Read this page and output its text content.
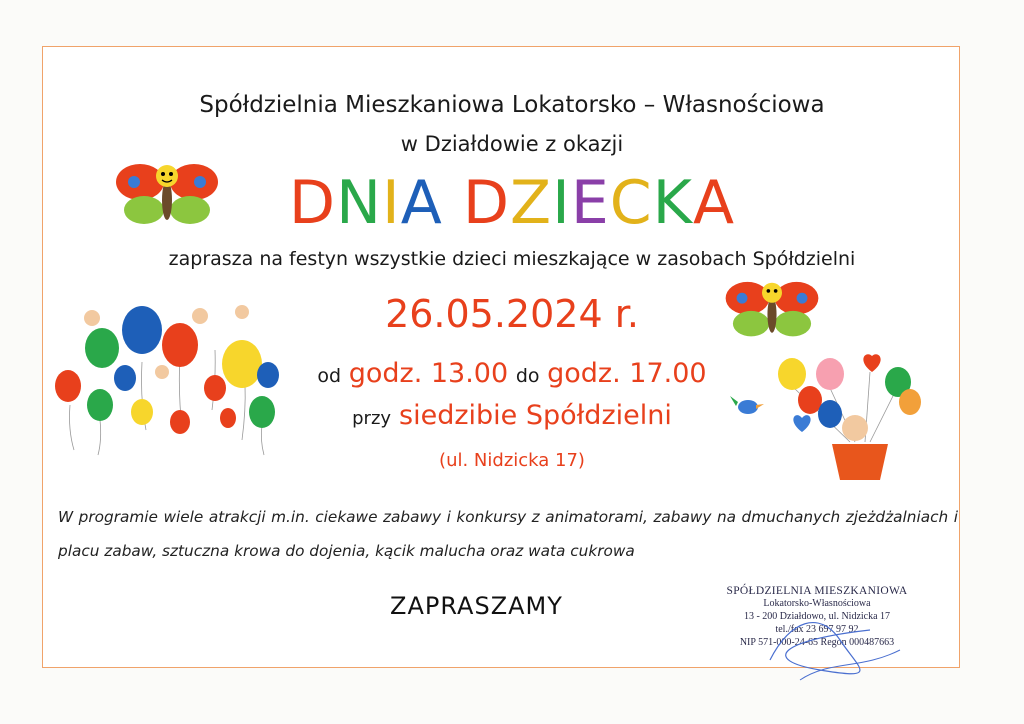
Spółdzielnia Mieszkaniowa Lokatorsko – Własnościowa
w Działdowie z okazji
DNIA DZIECKA
zaprasza na festyn wszystkie dzieci mieszkające w zasobach Spółdzielni
26.05.2024 r.
od godz. 13.00 do godz. 17.00
przy siedzibie Spółdzielni
(ul. Nidzicka 17)
W programie wiele atrakcji m.in. ciekawe zabawy i konkursy z animatorami, zabawy na dmuchanych zjeżdżalniach i placu zabaw, sztuczna krowa do dojenia, kącik malucha oraz wata cukrowa
ZAPRASZAMY
SPÓŁDZIELNIA MIESZKANIOWA
Lokatorsko-Własnościowa
13 - 200 Działdowo, ul. Nidzicka 17
tel./fax 23 697 97 92
NIP 571-000-24-65 Regon 000487663
